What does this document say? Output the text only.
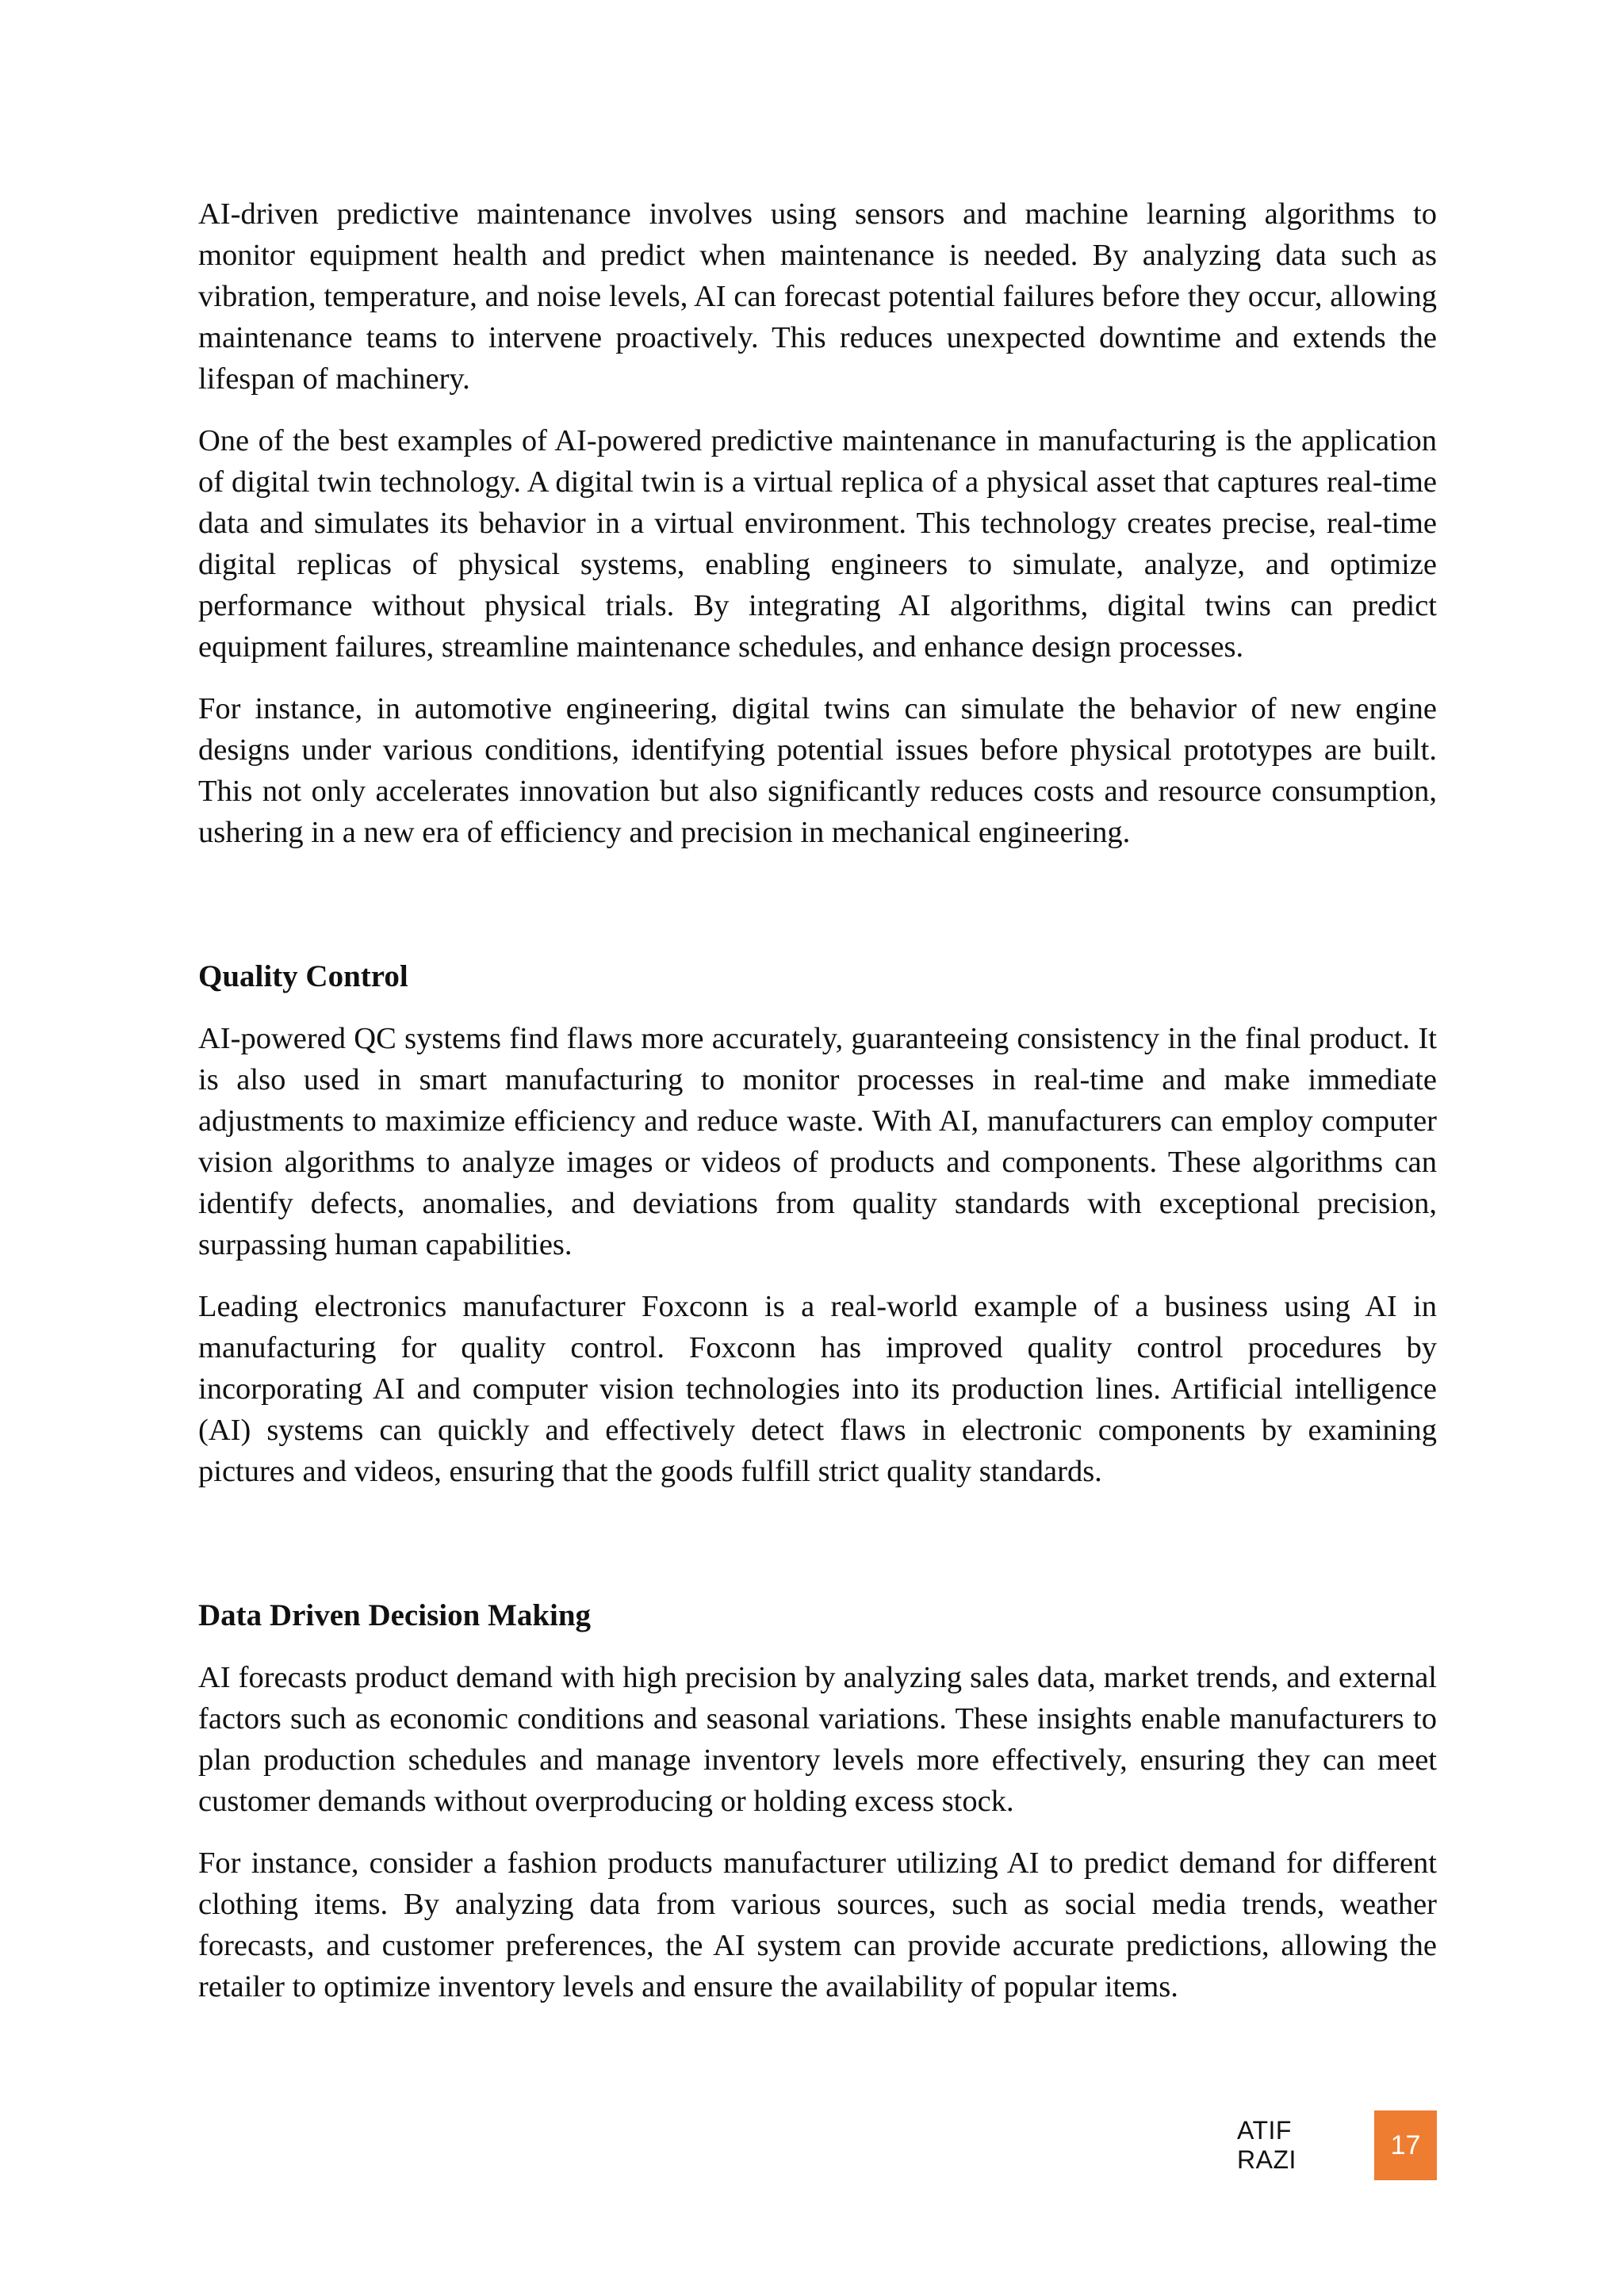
AI-driven predictive maintenance involves using sensors and machine learning algorithms to monitor equipment health and predict when maintenance is needed. By analyzing data such as vibration, temperature, and noise levels, AI can forecast potential failures before they occur, allowing maintenance teams to intervene proactively. This reduces unexpected downtime and extends the lifespan of machinery.

One of the best examples of AI-powered predictive maintenance in manufacturing is the application of digital twin technology. A digital twin is a virtual replica of a physical asset that captures real-time data and simulates its behavior in a virtual environment. This technology creates precise, real-time digital replicas of physical systems, enabling engineers to simulate, analyze, and optimize performance without physical trials. By integrating AI algorithms, digital twins can predict equipment failures, streamline maintenance schedules, and enhance design processes.

For instance, in automotive engineering, digital twins can simulate the behavior of new engine designs under various conditions, identifying potential issues before physical prototypes are built. This not only accelerates innovation but also significantly reduces costs and resource consumption, ushering in a new era of efficiency and precision in mechanical engineering.

Quality Control

AI-powered QC systems find flaws more accurately, guaranteeing consistency in the final product. It is also used in smart manufacturing to monitor processes in real-time and make immediate adjustments to maximize efficiency and reduce waste. With AI, manufacturers can employ computer vision algorithms to analyze images or videos of products and components. These algorithms can identify defects, anomalies, and deviations from quality standards with exceptional precision, surpassing human capabilities.

Leading electronics manufacturer Foxconn is a real-world example of a business using AI in manufacturing for quality control. Foxconn has improved quality control procedures by incorporating AI and computer vision technologies into its production lines. Artificial intelligence (AI) systems can quickly and effectively detect flaws in electronic components by examining pictures and videos, ensuring that the goods fulfill strict quality standards.

Data Driven Decision Making

AI forecasts product demand with high precision by analyzing sales data, market trends, and external factors such as economic conditions and seasonal variations. These insights enable manufacturers to plan production schedules and manage inventory levels more effectively, ensuring they can meet customer demands without overproducing or holding excess stock.

For instance, consider a fashion products manufacturer utilizing AI to predict demand for different clothing items. By analyzing data from various sources, such as social media trends, weather forecasts, and customer preferences, the AI system can provide accurate predictions, allowing the retailer to optimize inventory levels and ensure the availability of popular items.

ATIF RAZI	17
